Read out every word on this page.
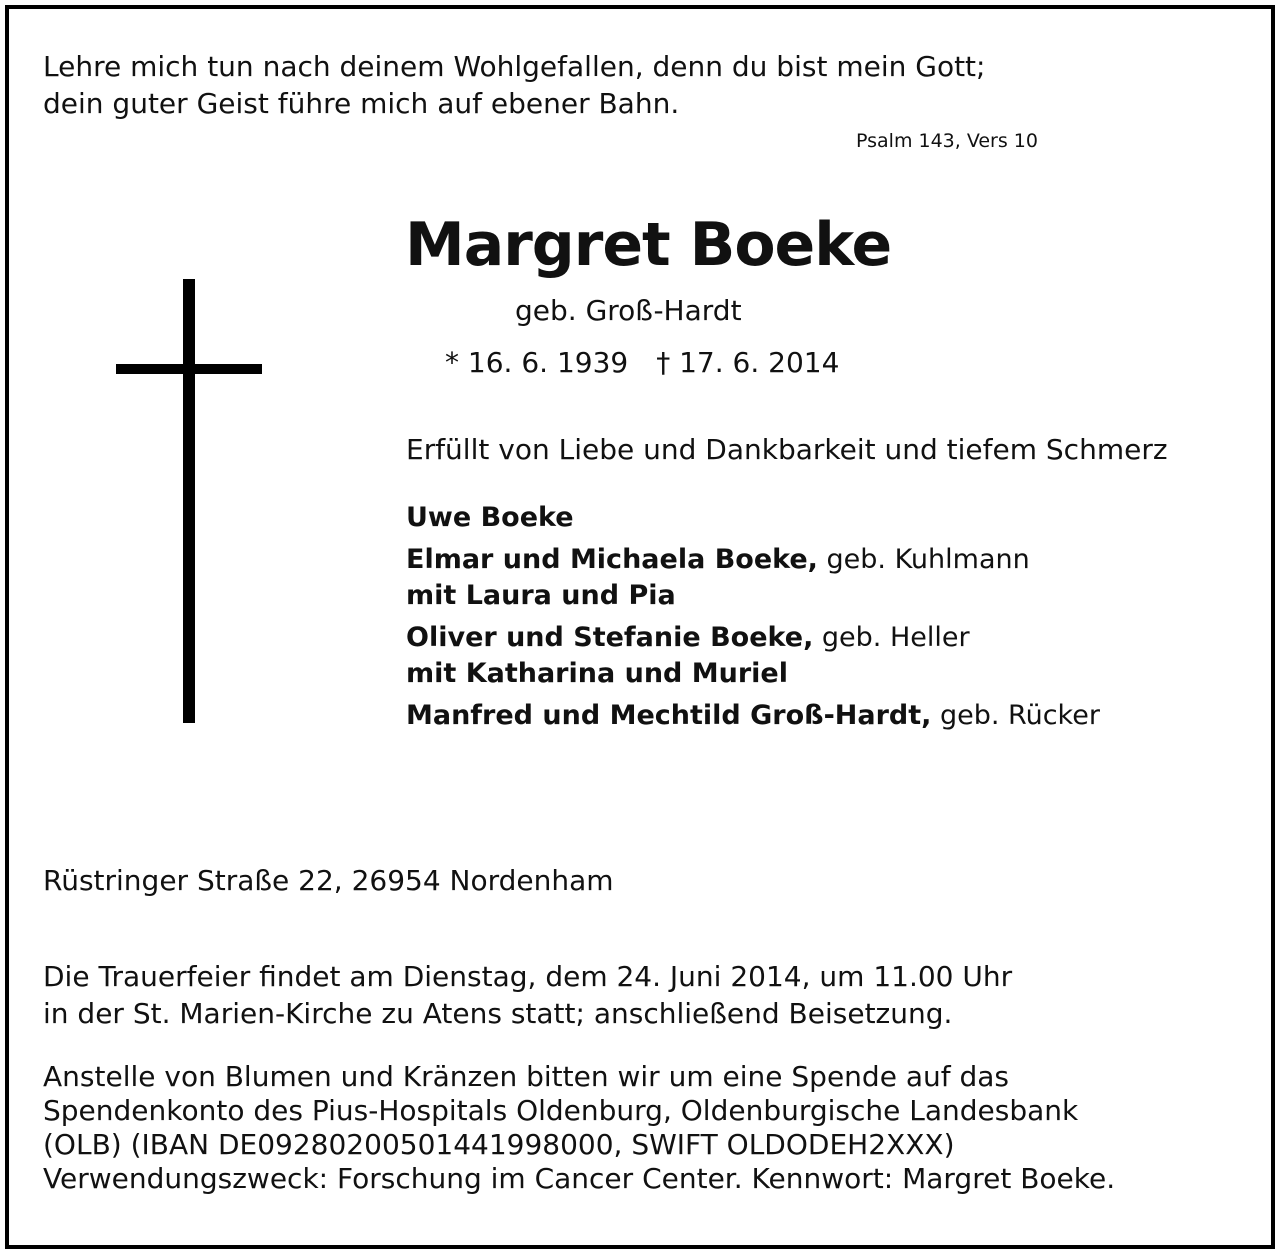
Lehre mich tun nach deinem Wohlgefallen, denn du bist mein Gott;
dein guter Geist führe mich auf ebener Bahn.
Psalm 143, Vers 10
Margret Boeke
geb. Groß-Hardt
* 16. 6. 1939 † 17. 6. 2014
Erfüllt von Liebe und Dankbarkeit und tiefem Schmerz
Uwe Boeke
Elmar und Michaela Boeke, geb. Kuhlmann
mit Laura und Pia
Oliver und Stefanie Boeke, geb. Heller
mit Katharina und Muriel
Manfred und Mechtild Groß-Hardt, geb. Rücker
Rüstringer Straße 22, 26954 Nordenham
Die Trauerfeier findet am Dienstag, dem 24. Juni 2014, um 11.00 Uhr
in der St. Marien-Kirche zu Atens statt; anschließend Beisetzung.
Anstelle von Blumen und Kränzen bitten wir um eine Spende auf das
Spendenkonto des Pius-Hospitals Oldenburg, Oldenburgische Landesbank
(OLB) (IBAN DE09280200501441998000, SWIFT OLDODEH2XXX)
Verwendungszweck: Forschung im Cancer Center. Kennwort: Margret Boeke.
